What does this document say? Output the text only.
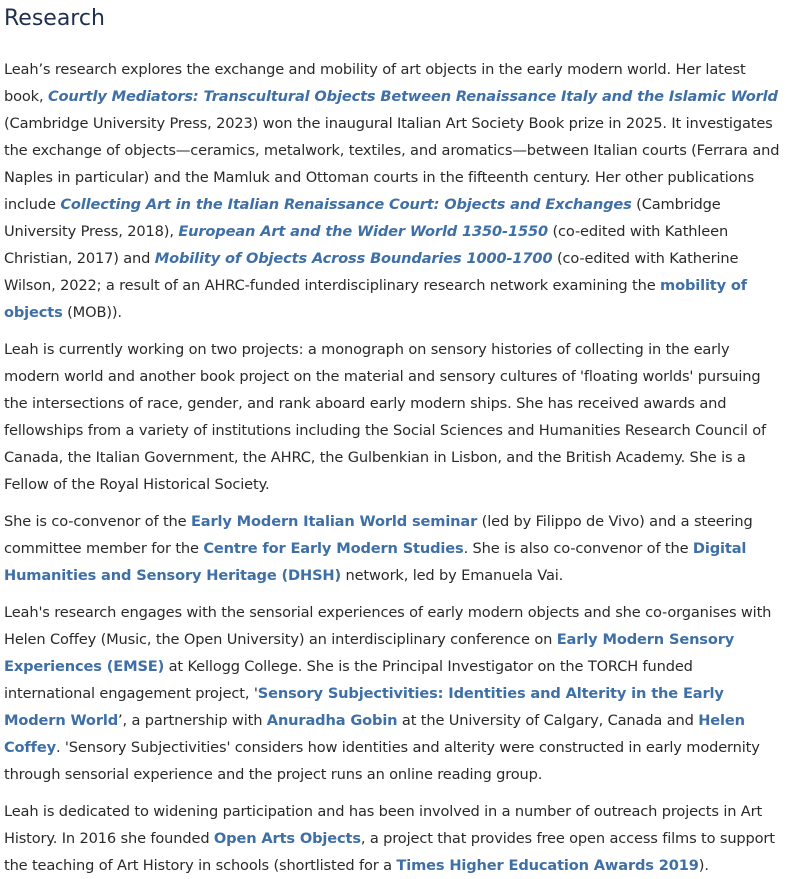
Research

Leah’s research explores the exchange and mobility of art objects in the early modern world. Her latest book, Courtly Mediators: Transcultural Objects Between Renaissance Italy and the Islamic World (Cambridge University Press, 2023) won the inaugural Italian Art Society Book prize in 2025. It investigates the exchange of objects—ceramics, metalwork, textiles, and aromatics—between Italian courts (Ferrara and Naples in particular) and the Mamluk and Ottoman courts in the fifteenth century. Her other publications include Collecting Art in the Italian Renaissance Court: Objects and Exchanges (Cambridge University Press, 2018), European Art and the Wider World 1350-1550 (co-edited with Kathleen Christian, 2017) and Mobility of Objects Across Boundaries 1000-1700 (co-edited with Katherine Wilson, 2022; a result of an AHRC-funded interdisciplinary research network examining the mobility of objects (MOB)).

Leah is currently working on two projects: a monograph on sensory histories of collecting in the early modern world and another book project on the material and sensory cultures of 'floating worlds' pursuing the intersections of race, gender, and rank aboard early modern ships. She has received awards and fellowships from a variety of institutions including the Social Sciences and Humanities Research Council of Canada, the Italian Government, the AHRC, the Gulbenkian in Lisbon, and the British Academy. She is a Fellow of the Royal Historical Society.

She is co-convenor of the Early Modern Italian World seminar (led by Filippo de Vivo) and a steering committee member for the Centre for Early Modern Studies. She is also co-convenor of the Digital Humanities and Sensory Heritage (DHSH) network, led by Emanuela Vai.

Leah's research engages with the sensorial experiences of early modern objects and she co-organises with Helen Coffey (Music, the Open University) an interdisciplinary conference on Early Modern Sensory Experiences (EMSE) at Kellogg College. She is the Principal Investigator on the TORCH funded international engagement project, 'Sensory Subjectivities: Identities and Alterity in the Early Modern World’, a partnership with Anuradha Gobin at the University of Calgary, Canada and Helen Coffey. 'Sensory Subjectivities' considers how identities and alterity were constructed in early modernity through sensorial experience and the project runs an online reading group.

Leah is dedicated to widening participation and has been involved in a number of outreach projects in Art History. In 2016 she founded Open Arts Objects, a project that provides free open access films to support the teaching of Art History in schools (shortlisted for a Times Higher Education Awards 2019).
